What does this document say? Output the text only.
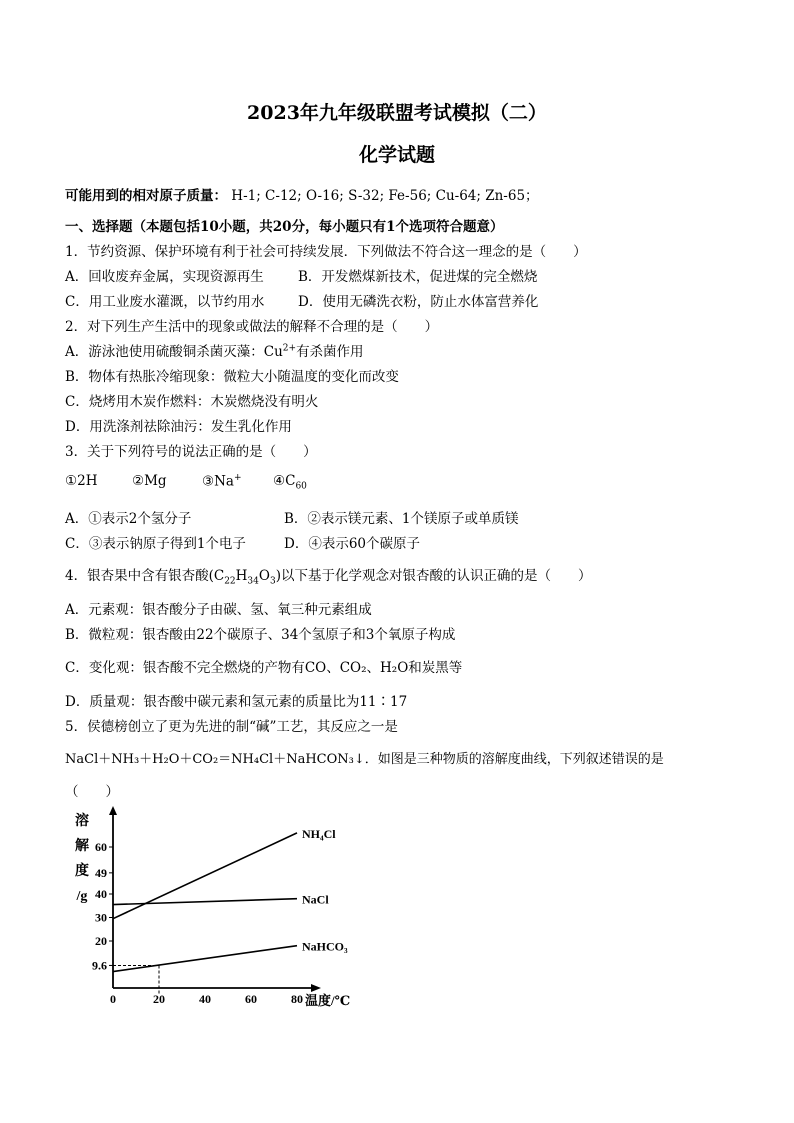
2023年九年级联盟考试模拟（二）
化学试题
可能用到的相对原子质量： H-1; C-12; O-16; S-32; Fe-56; Cu-64; Zn-65；
一、选择题（本题包括10小题，共20分，每小题只有1个选项符合题意）
1．节约资源、保护环境有利于社会可持续发展．下列做法不符合这一理念的是（　　）
A．回收废弃金属，实现资源再生	B．开发燃煤新技术，促进煤的完全燃烧
C．用工业废水灌溉，以节约用水 D．使用无磷洗衣粉，防止水体富营养化
2．对下列生产生活中的现象或做法的解释不合理的是（　　）
A．游泳池使用硫酸铜杀菌灭藻：$Cu^{2+}$有杀菌作用
B．物体有热胀冷缩现象：微粒大小随温度的变化而改变
C．烧烤用木炭作燃料：木炭燃烧没有明火
D．用洗涤剂祛除油污：发生乳化作用
3．关于下列符号的说法正确的是（　　）
①2H	②Mg	③Na+ $④C_{60}$
A．①表示2个氢分子	B．②表示镁元素、1个镁原子或单质镁
C．③表示钠原子得到1个电子	D．④表示60个碳原子
4．银杏果中含有银杏酸$(C_{22}H_{34}O_3)$以下基于化学观念对银杏酸的认识正确的是（　　）
A．元素观：银杏酸分子由碳、氢、氧三种元素组成
B．微粒观：银杏酸由22个碳原子、34个氢原子和3个氧原子构成
C．变化观：银杏酸不完全燃烧的产物有CO、CO₂、H₂O和炭黑等
D．质量观：银杏酸中碳元素和氢元素的质量比为11∶17
5．侯德榜创立了更为先进的制“碱”工艺，其反应之一是
NaCl＋NH₃＋H₂O＋CO₂＝NH₄Cl＋NaHCON₃↓．如图是三种物质的溶解度曲线，下列叙述错误的是
（　　）
溶
解
度
/g
温度/℃
0	20	40	60	80
9.6
20
30
40
49
60
NH₄Cl
NaCl
NaHCO₃
